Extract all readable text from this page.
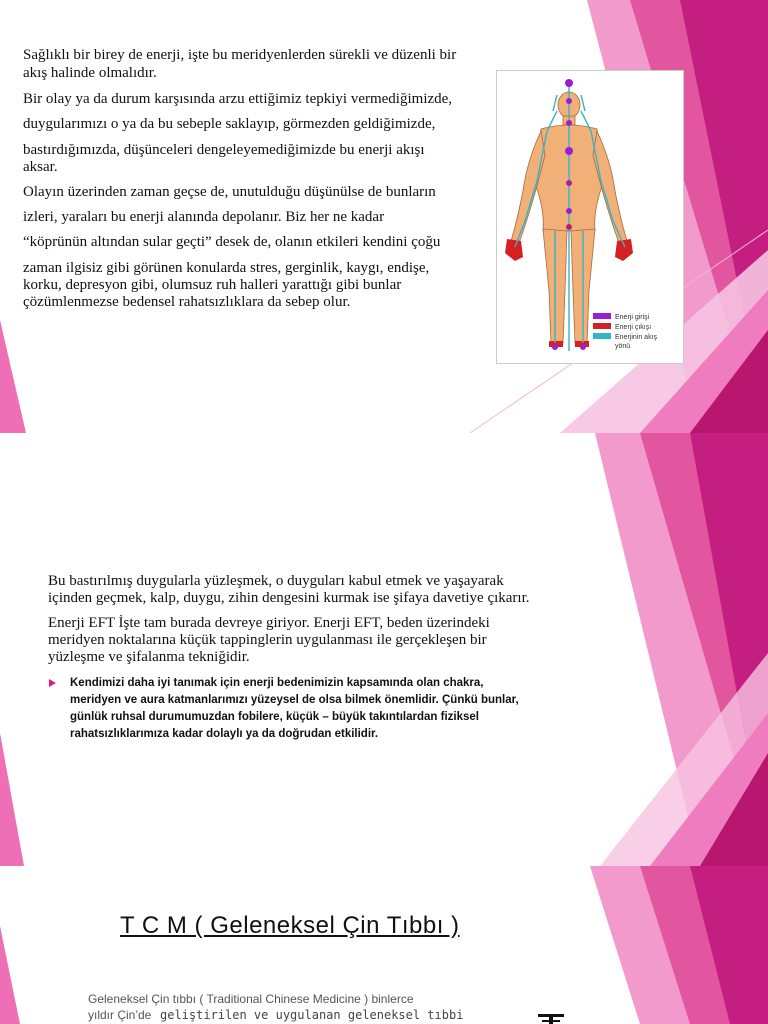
Sağlıklı bir birey de enerji, işte bu meridyenlerden sürekli ve düzenli bir
akış halinde olmalıdır.
Bir olay ya da durum karşısında arzu ettiğimiz tepkiyi vermediğimizde,
duygularımızı o ya da bu sebeple saklayıp, görmezden geldiğimizde,
bastırdığımızda, düşünceleri dengeleyemediğimizde bu enerji akışı
aksar.
Olayın üzerinden zaman geçse de, unutulduğu düşünülse de bunların
izleri, yaraları bu enerji alanında depolanır. Biz her ne kadar
“köprünün altından sular geçti” desek de, olanın etkileri kendini çoğu
zaman ilgisiz gibi görünen konularda stres, gerginlik, kaygı, endişe,
korku, depresyon gibi, olumsuz ruh halleri yarattığı gibi bunlar
çözümlenmezse bedensel rahatsızlıklara da sebep olur.
Enerji girişi
Enerji çıkışı
Enerjinin akış
yönü
Bu bastırılmış duygularla yüzleşmek, o duyguları kabul etmek ve yaşayarak
içinden geçmek, kalp, duygu, zihin dengesini kurmak ise şifaya davetiye çıkarır.
Enerji EFT İşte tam burada devreye giriyor. Enerji EFT, beden üzerindeki
meridyen noktalarına küçük tappinglerin uygulanması ile gerçekleşen bir
yüzleşme ve şifalanma tekniğidir.
Kendimizi daha iyi tanımak için enerji bedenimizin kapsamında olan chakra,
meridyen ve aura katmanlarımızı yüzeysel de olsa bilmek önemlidir. Çünkü bunlar,
günlük ruhsal durumumuzdan fobilere, küçük – büyük takıntılardan fiziksel
rahatsızlıklarımıza kadar dolaylı ya da doğrudan etkilidir.
T C M ( Geleneksel Çin Tıbbı )
Geleneksel Çin tıbbı ( Traditional Chinese Medicine ) binlerce
yıldır Çin’de geliştirilen ve uygulanan geleneksel tıbbi
